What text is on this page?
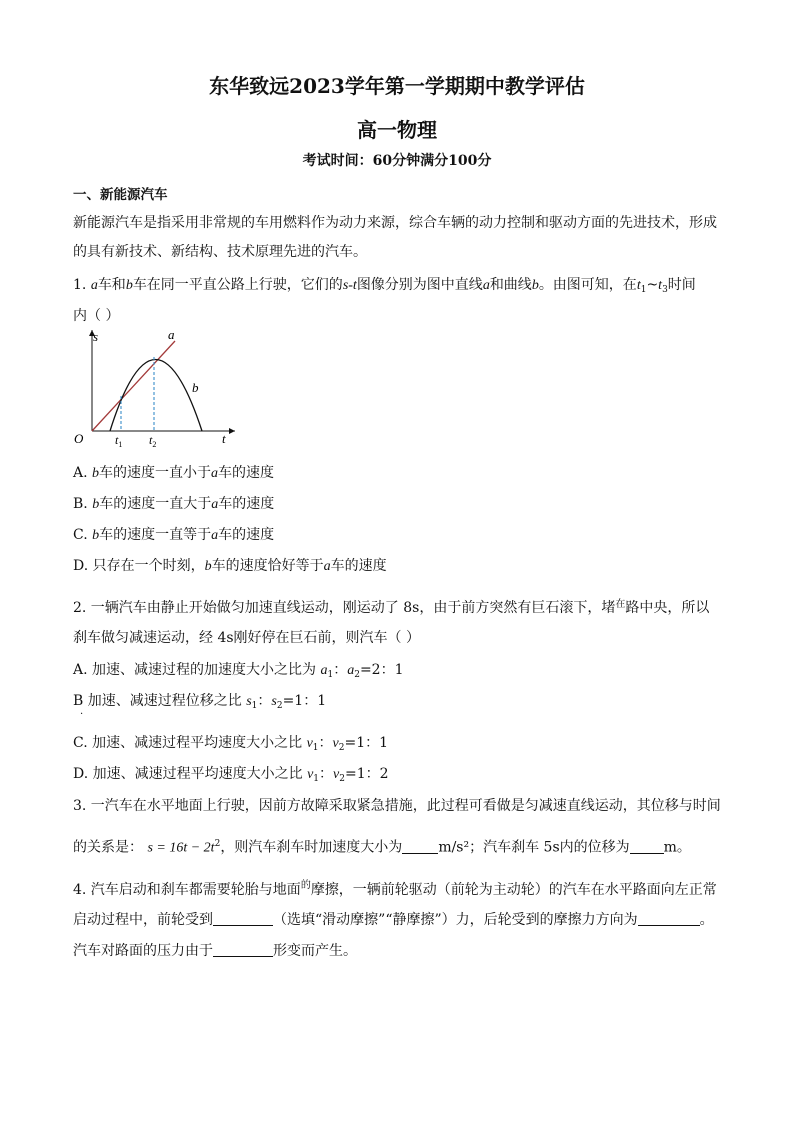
东华致远2023学年第一学期期中教学评估
高一物理
考试时间：60分钟满分100分
一、新能源汽车
新能源汽车是指采用非常规的车用燃料作为动力来源，综合车辆的动力控制和驱动方面的先进技术，形成
的具有新技术、新结构、技术原理先进的汽车。
1. a车和b车在同一平直公路上行驶，它们的s-t图像分别为图中直线a和曲线b。由图可知，在$t_1\sim t_3$时间
内（ ）
s
t
O
a
b
$t_1$ $t_2$
A. b车的速度一直小于a车的速度
B. b车的速度一直大于a车的速度
C. b车的速度一直等于a车的速度
D. 只存在一个时刻，b车的速度恰好等于a车的速度
2. 一辆汽车由静止开始做匀加速直线运动，刚运动了 8s，由于前方突然有巨石滚下，堵$^在$路中央，所以
刹车做匀减速运动，经 4s刚好停在巨石前，则汽车（ ）
A. 加速、减速过程的加速度大小之比为 $a_1$：$a_2=2$：1
B 加速、减速过程位移之比 $s_1$：$s_2=1$：1
.
C. 加速、减速过程平均速度大小之比 $v_1$：$v_2=1$：1
D. 加速、减速过程平均速度大小之比 $v_1$：$v_2=1$：2
3. 一汽车在水平地面上行驶，因前方故障采取紧急措施，此过程可看做是匀减速直线运动，其位移与时间
的关系是： $s = 16t - 2t^2$，则汽车刹车时加速度大小为	m/s²；汽车刹车 5s内的位移为 m。
4. 汽车启动和刹车都需要轮胎与地面$^的$摩擦，一辆前轮驱动（前轮为主动轮）的汽车在水平路面向左正常
启动过程中，前轮受到	（选填“滑动摩擦”“静摩擦”）力，后轮受到的摩擦力方向为	。
汽车对路面的压力由于	形变而产生。
